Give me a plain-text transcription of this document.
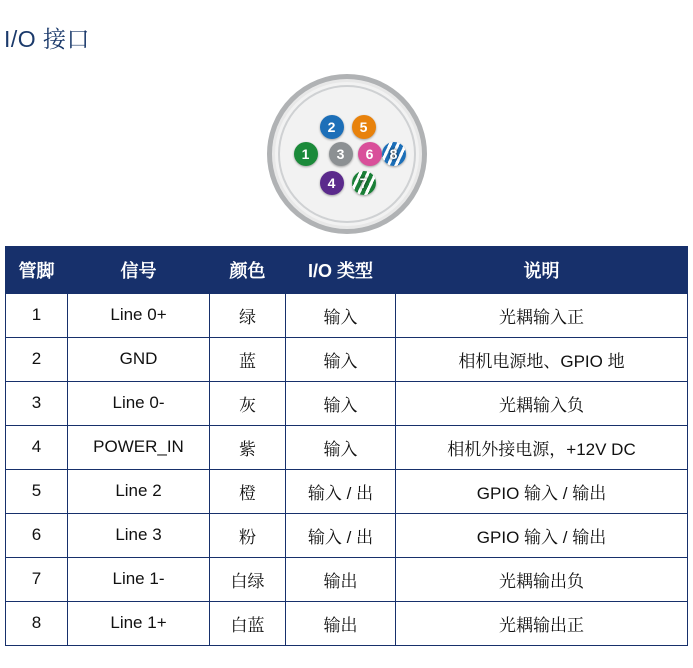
I/O 接口
1
2
3
4
5
6
7
8
管脚	信号	颜色	I/O 类型	说明
1	Line 0+	绿	输入	光耦输入正
2	GND	蓝	输入	相机电源地、GPIO 地
3	Line 0-	灰	输入	光耦输入负
4	POWER_IN	紫	输入	相机外接电源，+12V DC
5	Line 2	橙	输入 / 出	GPIO 输入 / 输出
6	Line 3	粉	输入 / 出	GPIO 输入 / 输出
7	Line 1-	白绿	输出	光耦输出负
8	Line 1+	白蓝	输出	光耦输出正
